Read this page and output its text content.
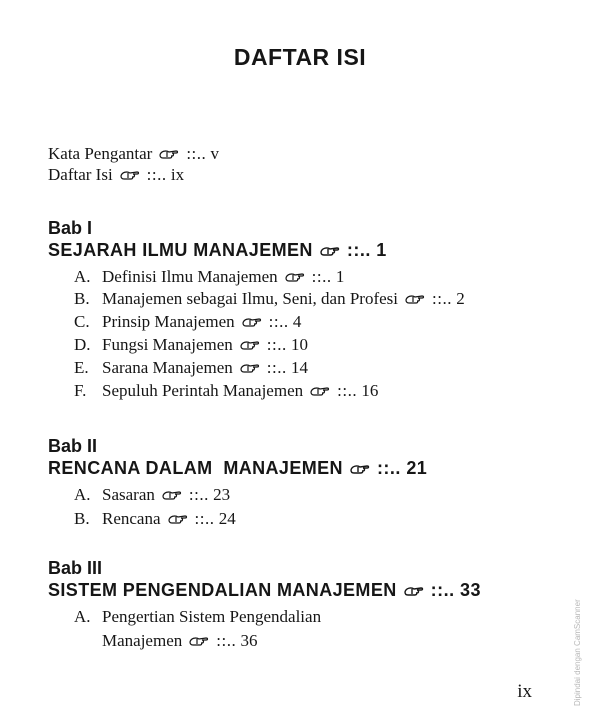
DAFTAR ISI
Kata Pengantar ::.. v
Daftar Isi ::.. ix
Bab I
SEJARAH ILMU MANAJEMEN ::.. 1
A. Definisi Ilmu Manajemen ::.. 1
B. Manajemen sebagai Ilmu, Seni, dan Profesi ::.. 2
C. Prinsip Manajemen ::.. 4
D. Fungsi Manajemen ::.. 10
E. Sarana Manajemen ::.. 14
F. Sepuluh Perintah Manajemen ::.. 16
Bab II
RENCANA DALAM  MANAJEMEN ::.. 21
A. Sasaran ::.. 23
B. Rencana ::.. 24
Bab III
SISTEM PENGENDALIAN MANAJEMEN ::.. 33
A. Pengertian Sistem Pengendalian
Manajemen ::.. 36
ix	Dipindai dengan CamScanner
